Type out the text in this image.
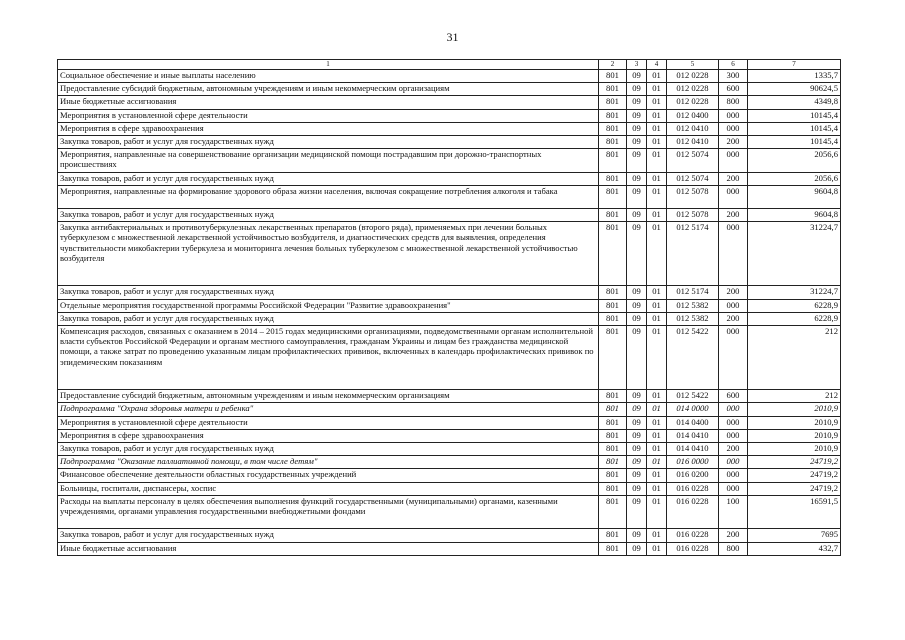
31
1	2	3	4	5	6	7
Социальное обеспечение и иные выплаты населению	801	09	01	012 0228	300	1335,7
Предоставление субсидий бюджетным, автономным учреждениям и иным некоммерческим организациям	801	09	01	012 0228	600	90624,5
Иные бюджетные ассигнования	801	09	01	012 0228	800	4349,8
Мероприятия в установленной сфере деятельности	801	09	01	012 0400	000	10145,4
Мероприятия в сфере здравоохранения	801	09	01	012 0410	000	10145,4
Закупка товаров, работ и услуг для государственных нужд	801	09	01	012 0410	200	10145,4
Мероприятия, направленные на совершенствование организации медицинской помощи пострадавшим при дорожно-транспортных происшествиях	801	09	01	012 5074	000	2056,6
Закупка товаров, работ и услуг для государственных нужд	801	09	01	012 5074	200	2056,6
Мероприятия, направленные на формирование здорового образа жизни населения, включая сокращение потребления алкоголя и табака	801	09	01	012 5078	000	9604,8
Закупка товаров, работ и услуг для государственных нужд	801	09	01	012 5078	200	9604,8
Закупка антибактериальных и противотуберкулезных лекарственных препаратов (второго ряда), применяемых при лечении больных туберкулезом с множественной лекарственной устойчивостью возбудителя, и диагностических средств для выявления, определения чувствительности микобактерии туберкулеза и мониторинга лечения больных туберкулезом с множественной лекарственной устойчивостью возбудителя	801	09	01	012 5174	000	31224,7
Закупка товаров, работ и услуг для государственных нужд	801	09	01	012 5174	200	31224,7
Отдельные мероприятия государственной программы Российской Федерации "Развитие здравоохранения"	801	09	01	012 5382	000	6228,9
Закупка товаров, работ и услуг для государственных нужд	801	09	01	012 5382	200	6228,9
Компенсация расходов, связанных с оказанием в 2014 – 2015 годах медицинскими организациями, подведомственными органам исполнительной власти субъектов Российской Федерации и органам местного самоуправления, гражданам Украины и лицам без гражданства медицинской помощи, а также затрат по проведению указанным лицам профилактических прививок, включенных в календарь профилактических прививок по эпидемическим показаниям	801	09	01	012 5422	000	212
Предоставление субсидий бюджетным, автономным учреждениям и иным некоммерческим организациям	801	09	01	012 5422	600	212
Подпрограмма "Охрана здоровья матери и ребенка"	801	09	01	014 0000	000	2010,9
Мероприятия в установленной сфере деятельности	801	09	01	014 0400	000	2010,9
Мероприятия в сфере здравоохранения	801	09	01	014 0410	000	2010,9
Закупка товаров, работ и услуг для государственных нужд	801	09	01	014 0410	200	2010,9
Подпрограмма "Оказание паллиативной помощи, в том числе детям"	801	09	01	016 0000	000	24719,2
Финансовое обеспечение деятельности областных государственных учреждений	801	09	01	016 0200	000	24719,2
Больницы, госпитали, диспансеры, хоспис	801	09	01	016 0228	000	24719,2
Расходы на выплаты персоналу в целях обеспечения выполнения функций государственными (муниципальными) органами, казенными учреждениями, органами управления государственными внебюджетными фондами	801	09	01	016 0228	100	16591,5
Закупка товаров, работ и услуг для государственных нужд	801	09	01	016 0228	200	7695
Иные бюджетные ассигнования	801	09	01	016 0228	800	432,7
